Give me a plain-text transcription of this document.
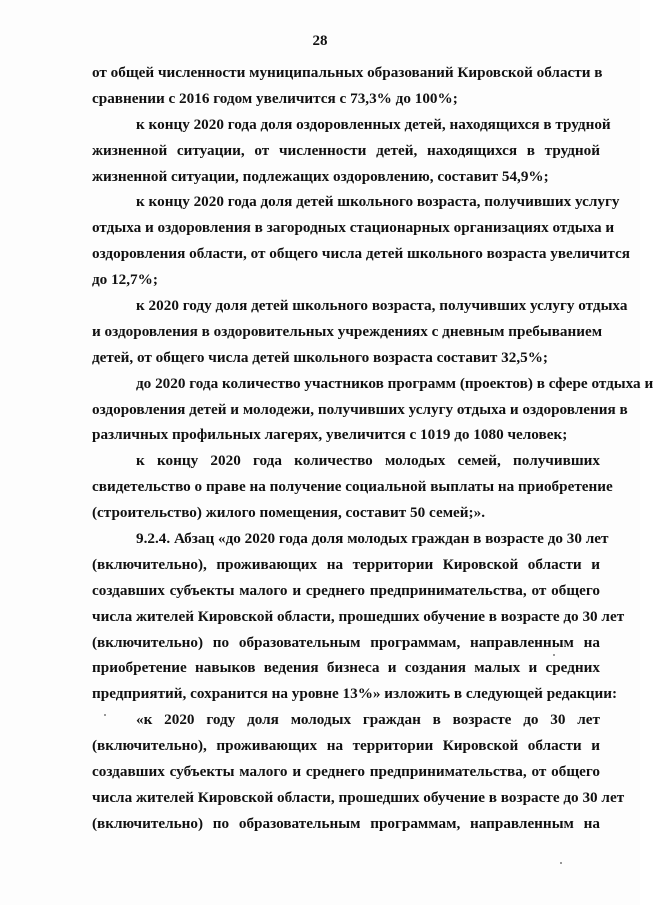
28
от общей численности муниципальных образований Кировской области в
сравнении с 2016 годом увеличится с 73,3% до 100%;
к концу 2020 года доля оздоровленных детей, находящихся в трудной
жизненной ситуации, от численности детей, находящихся в трудной
жизненной ситуации, подлежащих оздоровлению, составит 54,9%;
к концу 2020 года доля детей школьного возраста, получивших услугу
отдыха и оздоровления в загородных стационарных организациях отдыха и
оздоровления области, от общего числа детей школьного возраста увеличится
до 12,7%;
к 2020 году доля детей школьного возраста, получивших услугу отдыха
и оздоровления в оздоровительных учреждениях с дневным пребыванием
детей, от общего числа детей школьного возраста составит 32,5%;
до 2020 года количество участников программ (проектов) в сфере отдыха и
оздоровления детей и молодежи, получивших услугу отдыха и оздоровления в
различных профильных лагерях, увеличится с 1019 до 1080 человек;
к концу 2020 года количество молодых семей, получивших
свидетельство о праве на получение социальной выплаты на приобретение
(строительство) жилого помещения, составит 50 семей;».
9.2.4. Абзац «до 2020 года доля молодых граждан в возрасте до 30 лет
(включительно), проживающих на территории Кировской области и
создавших субъекты малого и среднего предпринимательства, от общего
числа жителей Кировской области, прошедших обучение в возрасте до 30 лет
(включительно) по образовательным программам, направленным на
приобретение навыков ведения бизнеса и создания малых и средних
предприятий, сохранится на уровне 13%» изложить в следующей редакции:
«к 2020 году доля молодых граждан в возрасте до 30 лет
(включительно), проживающих на территории Кировской области и
создавших субъекты малого и среднего предпринимательства, от общего
числа жителей Кировской области, прошедших обучение в возрасте до 30 лет
(включительно) по образовательным программам, направленным на
